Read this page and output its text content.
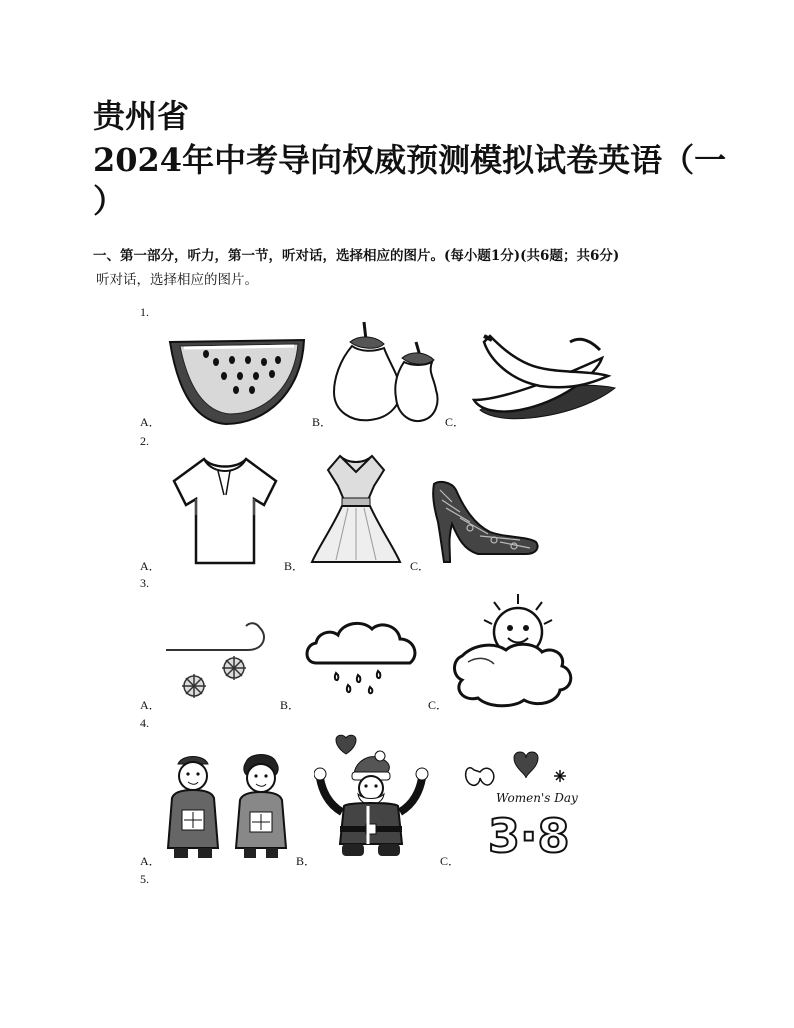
贵州省
2024年中考导向权威预测模拟试卷英语（一
）
一、第一部分，听力，第一节，听对话，选择相应的图片。(每小题1分)(共6题；共6分)
听对话，选择相应的图片。
1.
A．	B．	C．
2.
A．	B．	C．
3.
A．	B．	C．
4.
A．	B．	C．
Women's Day
3·8
5.
